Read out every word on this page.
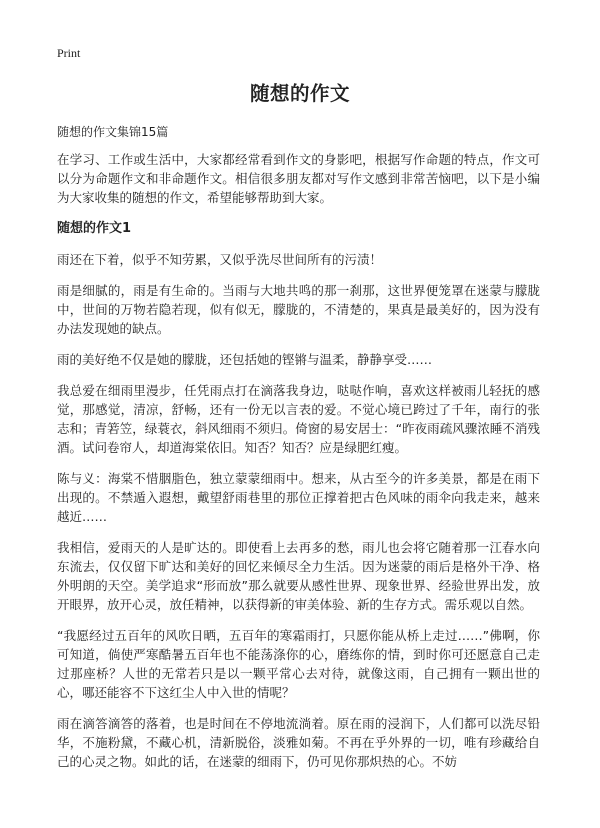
Print
随想的作文
随想的作文集锦15篇

在学习、工作或生活中，大家都经常看到作文的身影吧，根据写作命题的特点，作文可以分为命题作文和非命题作文。相信很多朋友都对写作文感到非常苦恼吧，以下是小编为大家收集的随想的作文，希望能够帮助到大家。

随想的作文1

雨还在下着，似乎不知劳累，又似乎洗尽世间所有的污渍！

雨是细腻的，雨是有生命的。当雨与大地共鸣的那一刹那，这世界便笼罩在迷蒙与朦胧中，世间的万物若隐若现，似有似无，朦胧的，不清楚的，果真是最美好的，因为没有办法发现她的缺点。

雨的美好绝不仅是她的朦胧，还包括她的铿锵与温柔，静静享受……

我总爱在细雨里漫步，任凭雨点打在滴落我身边，哒哒作响，喜欢这样被雨儿轻抚的感觉，那感觉，清凉，舒畅，还有一份无以言表的爱。不觉心境已跨过了千年，南行的张志和；青箬笠，绿蓑衣，斜风细雨不须归。倚窗的易安居士：“昨夜雨疏风骤浓睡不消残酒。试问卷帘人，却道海棠依旧。知否？知否？应是绿肥红瘦。

陈与义：海棠不惜胭脂色，独立蒙蒙细雨中。想来，从古至今的许多美景，都是在雨下出现的。不禁遁入遐想，戴望舒雨巷里的那位正撑着把古色风味的雨伞向我走来，越来越近……

我相信，爱雨天的人是旷达的。即使看上去再多的愁，雨儿也会将它随着那一江春水向东流去，仅仅留下旷达和美好的回忆来倾尽全力生活。因为迷蒙的雨后是格外干净、格外明朗的天空。美学追求“形而放”那么就要从感性世界、现象世界、经验世界出发，放开眼界，放开心灵，放任精神，以获得新的审美体验、新的生存方式。需乐观以自然。

“我愿经过五百年的风吹日晒，五百年的寒霜雨打，只愿你能从桥上走过……”佛啊，你可知道，倘使严寒酷暑五百年也不能荡涤你的心，磨练你的情，到时你可还愿意自己走过那座桥？人世的无常若只是以一颗平常心去对待，就像这雨，自己拥有一颗出世的心，哪还能容不下这红尘人中入世的情呢？

雨在滴答滴答的落着，也是时间在不停地流淌着。原在雨的浸润下，人们都可以洗尽铅华，不施粉黛，不藏心机，清新脱俗，淡雅如菊。不再在乎外界的一切，唯有珍藏给自己的心灵之物。如此的话，在迷蒙的细雨下，仍可见你那炽热的心。不妨
